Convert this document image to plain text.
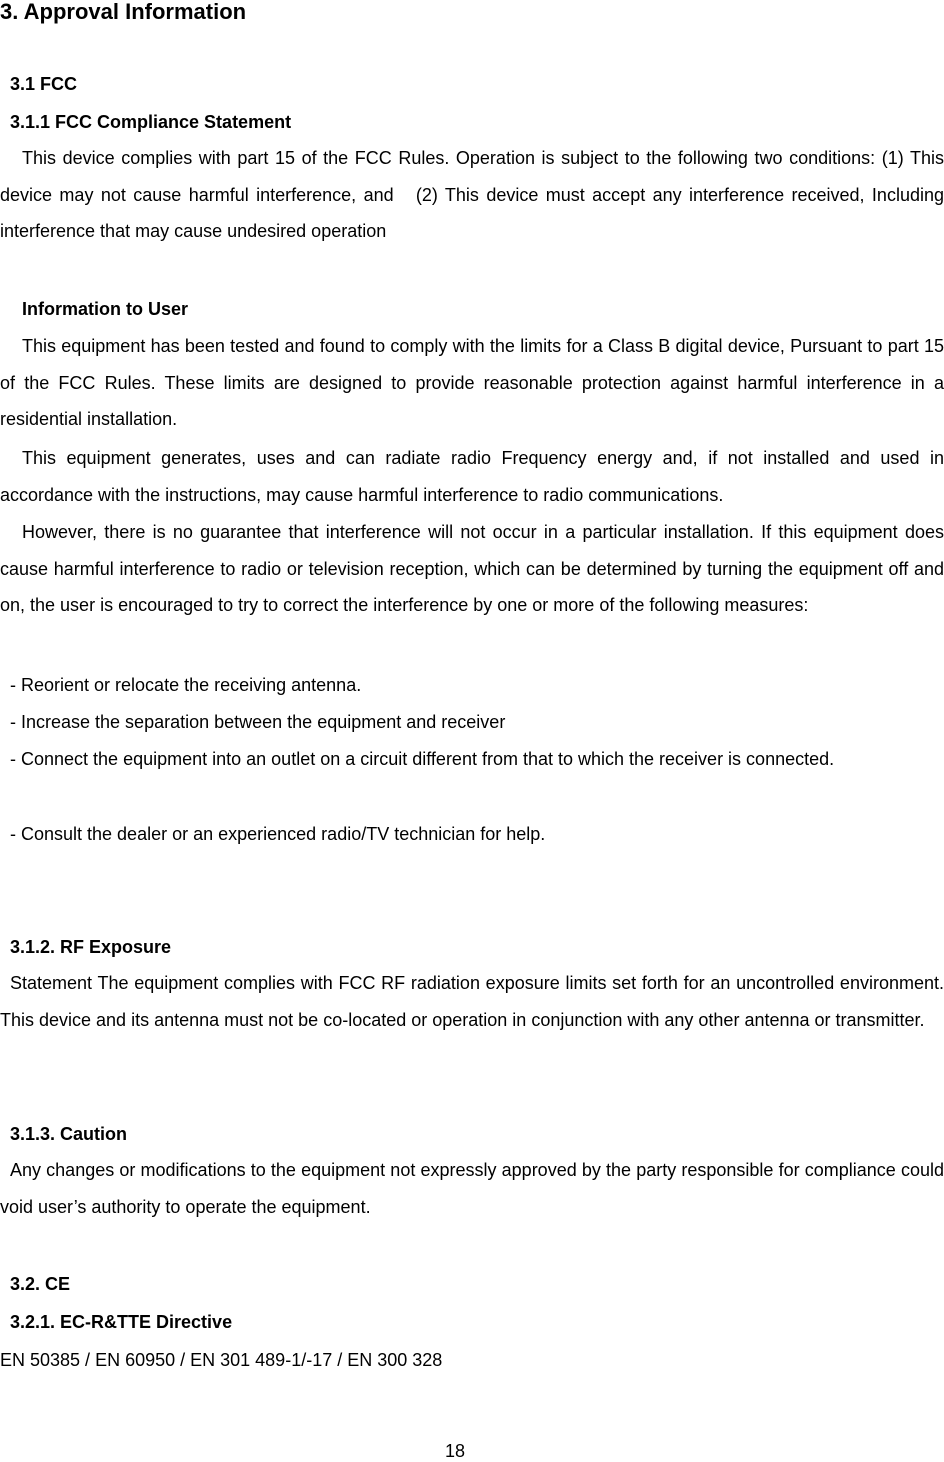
3. Approval Information
3.1 FCC
3.1.1 FCC Compliance Statement

This device complies with part 15 of the FCC Rules. Operation is subject to the following two conditions: (1) This device may not cause harmful interference, and   (2) This device must accept any interference received, Including interference that may cause undesired operation

Information to User

This equipment has been tested and found to comply with the limits for a Class B digital device, Pursuant to part 15 of the FCC Rules. These limits are designed to provide reasonable protection against harmful interference in a residential installation.

This equipment generates, uses and can radiate radio Frequency energy and, if not installed and used in accordance with the instructions, may cause harmful interference to radio communications.

However, there is no guarantee that interference will not occur in a particular installation. If this equipment does cause harmful interference to radio or television reception, which can be determined by turning the equipment off and on, the user is encouraged to try to correct the interference by one or more of the following measures:

- Reorient or relocate the receiving antenna.
- Increase the separation between the equipment and receiver

- Connect the equipment into an outlet on a circuit different from that to which the receiver is connected.

- Consult the dealer or an experienced radio/TV technician for help.
3.1.2. RF Exposure

Statement The equipment complies with FCC RF radiation exposure limits set forth for an uncontrolled environment. This device and its antenna must not be co-located or operation in conjunction with any other antenna or transmitter.

3.1.3. Caution

Any changes or modifications to the equipment not expressly approved by the party responsible for compliance could void user’s authority to operate the equipment.

3.2. CE
3.2.1. EC-R&TTE Directive
EN 50385 / EN 60950 / EN 301 489-1/-17 / EN 300 328
18
